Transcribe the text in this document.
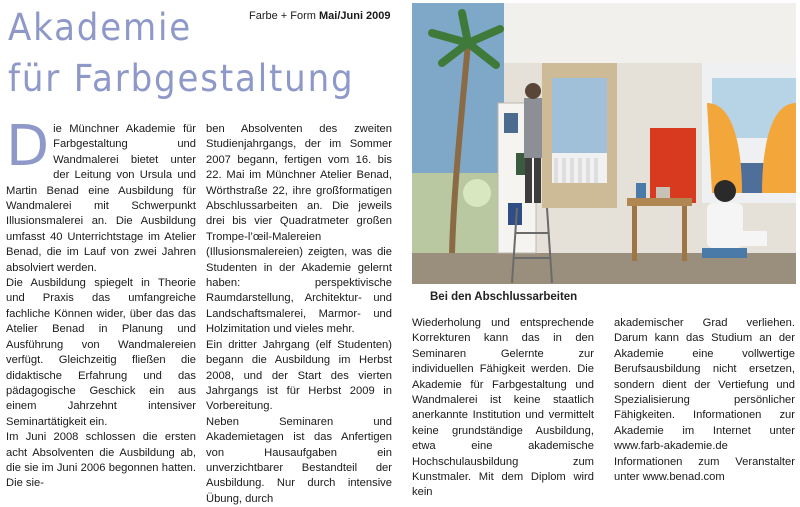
Akademie
für Farbgestaltung
Farbe + Form Mai/Juni 2009

Die Münchner Akademie für Farbgestaltung und Wandmalerei bietet unter der Leitung von Ursula und Martin Benad eine Ausbildung für Wandmalerei mit Schwerpunkt Illusionsmalerei an. Die Ausbildung umfasst 40 Unterrichtstage im Atelier Benad, die im Lauf von zwei Jahren absolviert werden.

Die Ausbildung spiegelt in Theorie und Praxis das umfangreiche fachliche Können wider, über das das Atelier Benad in Planung und Ausführung von Wandmalereien verfügt. Gleichzeitig fließen die didaktische Erfahrung und das pädagogische Geschick ein aus einem Jahrzehnt intensiver Seminartätigkeit ein.

Im Juni 2008 schlossen die ersten acht Absolventen die Ausbildung ab, die sie im Juni 2006 begonnen hatten. Die sie-

ben Absolventen des zweiten Studienjahrgangs, der im Sommer 2007 begann, fertigen vom 16. bis 22. Mai im Münchner Atelier Benad, Wörthstraße 22, ihre großformatigen Abschlussarbeiten an. Die jeweils drei bis vier Quadratmeter großen Trompe-l’œil-Malereien (Illusionsmalereien) zeigten, was die Studenten in der Akademie gelernt haben: perspektivische Raumdarstellung, Architektur- und Landschaftsmalerei, Marmor- und Holzimitation und vieles mehr.

Ein dritter Jahrgang (elf Studenten) begann die Ausbildung im Herbst 2008, und der Start des vierten Jahrgangs ist für Herbst 2009 in Vorbereitung.

Neben Seminaren und Akademietagen ist das Anfertigen von Hausaufgaben ein unverzichtbarer Bestandteil der Ausbildung. Nur durch intensive Übung, durch

Bei den Abschlussarbeiten

Wiederholung und entsprechende Korrekturen kann das in den Seminaren Gelernte zur individuellen Fähigkeit werden. Die Akademie für Farbgestaltung und Wandmalerei ist keine staatlich anerkannte Institution und vermittelt keine grundständige Ausbildung, etwa eine akademische Hochschulausbildung zum Kunstmaler. Mit dem Diplom wird kein

akademischer Grad verliehen. Darum kann das Studium an der Akademie eine vollwertige Berufsausbildung nicht ersetzen, sondern dient der Vertiefung und Spezialisierung persönlicher Fähigkeiten. Informationen zur Akademie im Internet unter www.farb-akademie.de Informationen zum Veranstalter unter www.benad.com
